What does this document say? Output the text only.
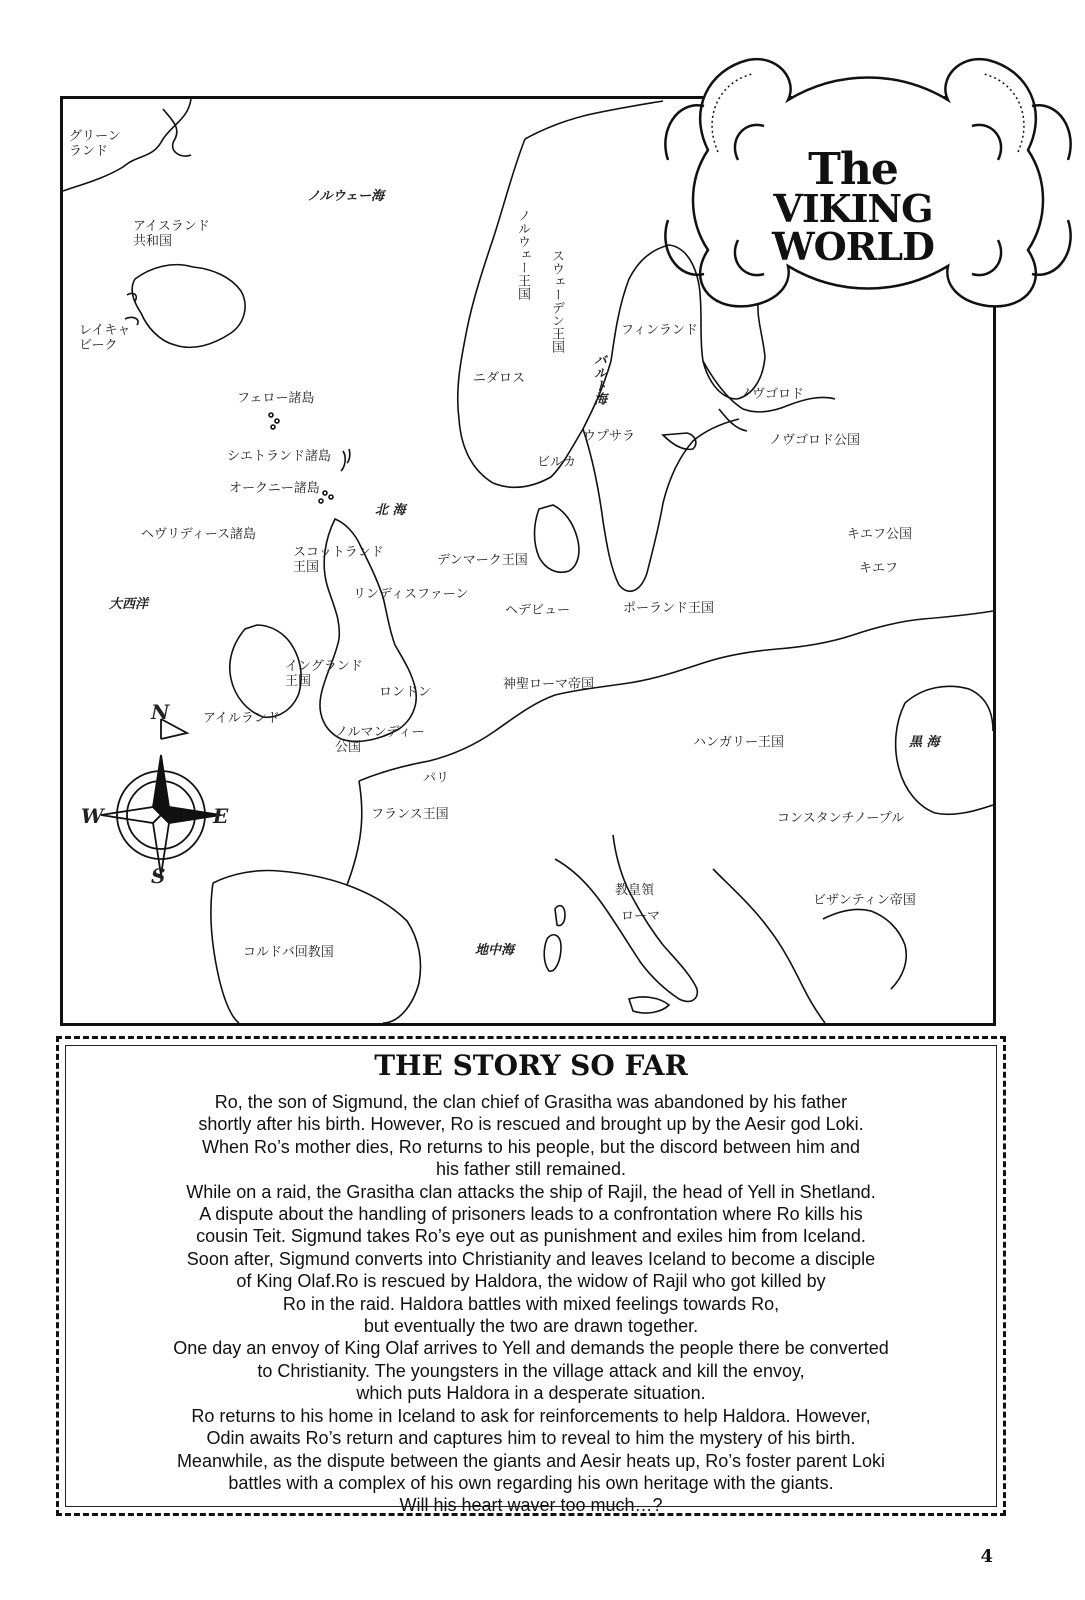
N
W	E
S
グリーン
ランド
アイスランド
共和国	ノルウェー王国 スウェーデン王国	フィンランド
ノヴゴロド公国
キエフ公国
フェロー諸島
シエトランド諸島
オークニー諸島
ヘヴリディース諸島
スコットランド
王国	デンマーク王国
ポーランド王国
イングランド
王国
アイルランド
ノルマンディー
公国
神聖ローマ帝国
ハンガリー王国
フランス王国
教皇領
ビザンティン帝国
コルドバ回教国
ノルウェー海
バルト海
北 海
大西洋
黒 海
地中海
レイキャ
ビーク
ニダロス
ノヴゴロド
ウプサラ
ビルカ
キエフ
リンディスファーン
ヘデビュー
ロンドン
パリ
コンスタンチノープル
ローマ
The
VIKING
WORLD
THE STORY SO FAR
Ro, the son of Sigmund, the clan chief of Grasitha was abandoned by his father
shortly after his birth. However, Ro is rescued and brought up by the Aesir god Loki.
When Ro’s mother dies, Ro returns to his people, but the discord between him and
his father still remained.
While on a raid, the Grasitha clan attacks the ship of Rajil, the head of Yell in Shetland.
A dispute about the handling of prisoners leads to a confrontation where Ro kills his
cousin Teit. Sigmund takes Ro’s eye out as punishment and exiles him from Iceland.
Soon after, Sigmund converts into Christianity and leaves Iceland to become a disciple
of King Olaf.Ro is rescued by Haldora, the widow of Rajil who got killed by
Ro in the raid. Haldora battles with mixed feelings towards Ro,
but eventually the two are drawn together.
One day an envoy of King Olaf arrives to Yell and demands the people there be converted
to Christianity. The youngsters in the village attack and kill the envoy,
which puts Haldora in a desperate situation.
Ro returns to his home in Iceland to ask for reinforcements to help Haldora. However,
Odin awaits Ro’s return and captures him to reveal to him the mystery of his birth.
Meanwhile, as the dispute between the giants and Aesir heats up, Ro’s foster parent Loki
battles with a complex of his own regarding his own heritage with the giants.
Will his heart waver too much…?
4
